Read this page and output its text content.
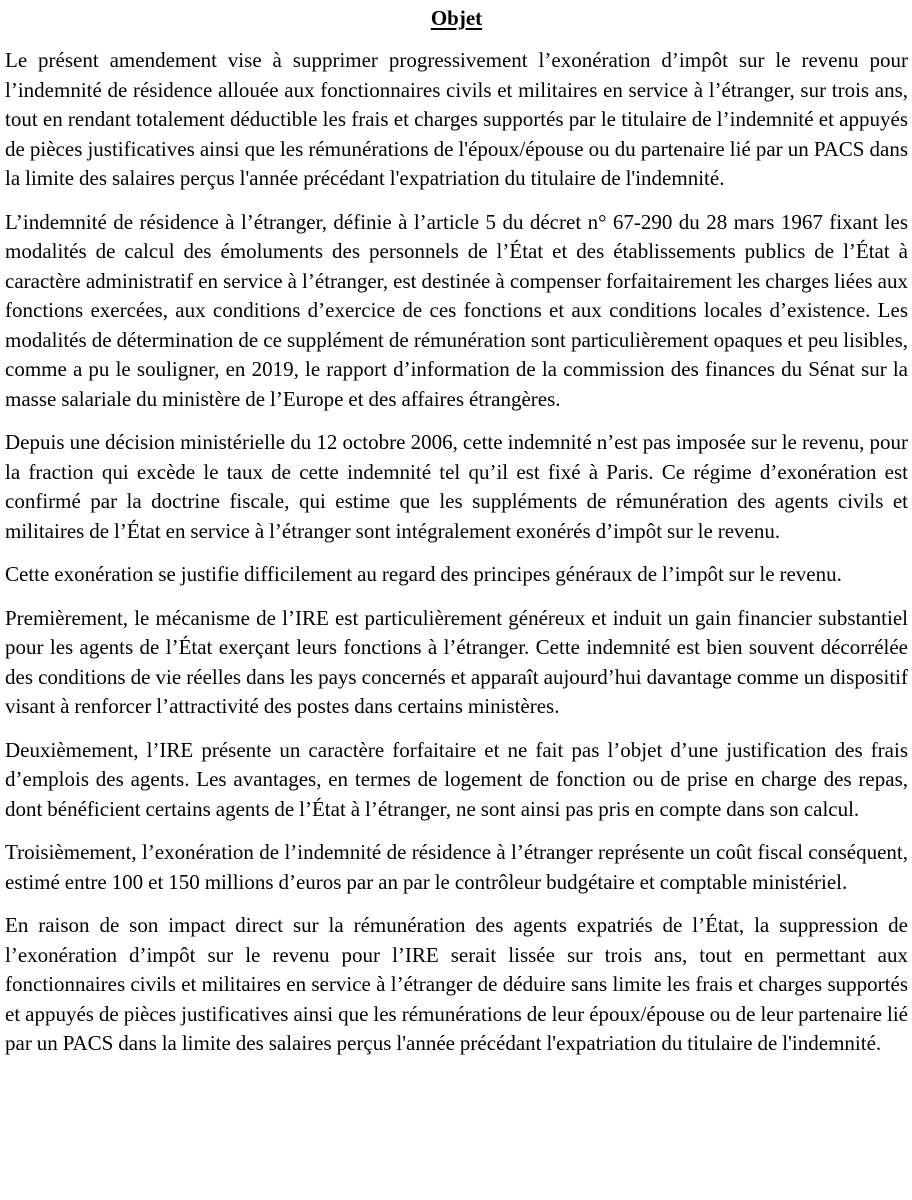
Objet

Le présent amendement vise à supprimer progressivement l’exonération d’impôt sur le revenu pour l’indemnité de résidence allouée aux fonctionnaires civils et militaires en service à l’étranger, sur trois ans, tout en rendant totalement déductible les frais et charges supportés par le titulaire de l’indemnité et appuyés de pièces justificatives ainsi que les rémunérations de l'époux/épouse ou du partenaire lié par un PACS dans la limite des salaires perçus l'année précédant l'expatriation du titulaire de l'indemnité.

L’indemnité de résidence à l’étranger, définie à l’article 5 du décret n° 67-290 du 28 mars 1967 fixant les modalités de calcul des émoluments des personnels de l’État et des établissements publics de l’État à caractère administratif en service à l’étranger, est destinée à compenser forfaitairement les charges liées aux fonctions exercées, aux conditions d’exercice de ces fonctions et aux conditions locales d’existence. Les modalités de détermination de ce supplément de rémunération sont particulièrement opaques et peu lisibles, comme a pu le souligner, en 2019, le rapport d’information de la commission des finances du Sénat sur la masse salariale du ministère de l’Europe et des affaires étrangères.

Depuis une décision ministérielle du 12 octobre 2006, cette indemnité n’est pas imposée sur le revenu, pour la fraction qui excède le taux de cette indemnité tel qu’il est fixé à Paris. Ce régime d’exonération est confirmé par la doctrine fiscale, qui estime que les suppléments de rémunération des agents civils et militaires de l’État en service à l’étranger sont intégralement exonérés d’impôt sur le revenu.

Cette exonération se justifie difficilement au regard des principes généraux de l’impôt sur le revenu.

Premièrement, le mécanisme de l’IRE est particulièrement généreux et induit un gain financier substantiel pour les agents de l’État exerçant leurs fonctions à l’étranger. Cette indemnité est bien souvent décorrélée des conditions de vie réelles dans les pays concernés et apparaît aujourd’hui davantage comme un dispositif visant à renforcer l’attractivité des postes dans certains ministères.

Deuxièmement, l’IRE présente un caractère forfaitaire et ne fait pas l’objet d’une justification des frais d’emplois des agents. Les avantages, en termes de logement de fonction ou de prise en charge des repas, dont bénéficient certains agents de l’État à l’étranger, ne sont ainsi pas pris en compte dans son calcul.

Troisièmement, l’exonération de l’indemnité de résidence à l’étranger représente un coût fiscal conséquent, estimé entre 100 et 150 millions d’euros par an par le contrôleur budgétaire et comptable ministériel.

En raison de son impact direct sur la rémunération des agents expatriés de l’État, la suppression de l’exonération d’impôt sur le revenu pour l’IRE serait lissée sur trois ans, tout en permettant aux fonctionnaires civils et militaires en service à l’étranger de déduire sans limite les frais et charges supportés et appuyés de pièces justificatives ainsi que les rémunérations de leur époux/épouse ou de leur partenaire lié par un PACS dans la limite des salaires perçus l'année précédant l'expatriation du titulaire de l'indemnité.
